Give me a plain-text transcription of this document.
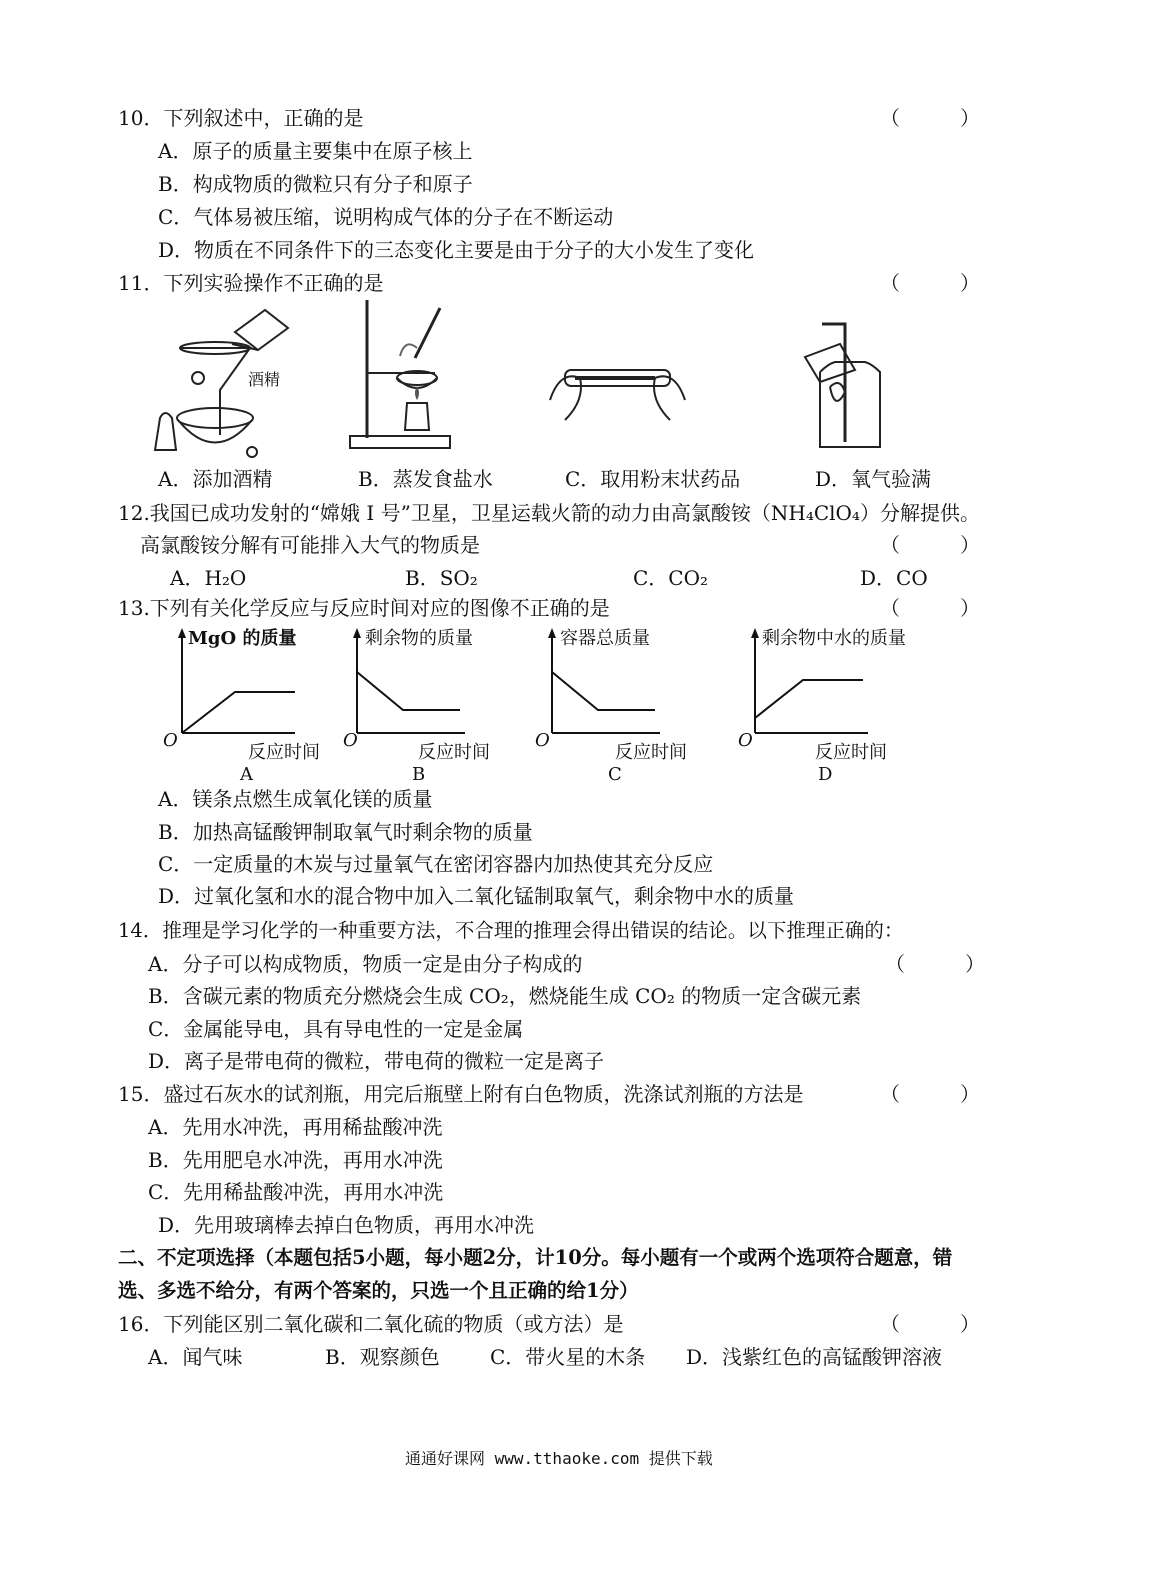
10．下列叙述中，正确的是	（　　　）
A．原子的质量主要集中在原子核上
B．构成物质的微粒只有分子和原子
C．气体易被压缩，说明构成气体的分子在不断运动
D．物质在不同条件下的三态变化主要是由于分子的大小发生了变化
11．下列实验操作不正确的是	（　　　）
酒精
A．添加酒精	B．蒸发食盐水	C．取用粉末状药品	D．氧气验满
12.我国已成功发射的“嫦娥 I 号”卫星，卫星运载火箭的动力由高氯酸铵（NH₄ClO₄）分解提供。
高氯酸铵分解有可能排入大气的物质是	（　　　）
A．H₂O	B．SO₂	C．CO₂	D．CO
13.下列有关化学反应与反应时间对应的图像不正确的是	（　　　）
MgO 的质量
O
反应时间
A
剩余物的质量
O
反应时间
B
容器总质量
O
反应时间
C
剩余物中水的质量
O
反应时间
D
A．镁条点燃生成氧化镁的质量
B．加热高锰酸钾制取氧气时剩余物的质量
C．一定质量的木炭与过量氧气在密闭容器内加热使其充分反应
D．过氧化氢和水的混合物中加入二氧化锰制取氧气，剩余物中水的质量
14．推理是学习化学的一种重要方法，不合理的推理会得出错误的结论。以下推理正确的：
A．分子可以构成物质，物质一定是由分子构成的	（　　　）
B．含碳元素的物质充分燃烧会生成 CO₂，燃烧能生成 CO₂ 的物质一定含碳元素
C．金属能导电，具有导电性的一定是金属
D．离子是带电荷的微粒，带电荷的微粒一定是离子
15．盛过石灰水的试剂瓶，用完后瓶壁上附有白色物质，洗涤试剂瓶的方法是	（　　　）
A．先用水冲洗，再用稀盐酸冲洗
B．先用肥皂水冲洗，再用水冲洗
C．先用稀盐酸冲洗，再用水冲洗
D．先用玻璃棒去掉白色物质，再用水冲洗
二、不定项选择（本题包括5小题，每小题2分，计10分。每小题有一个或两个选项符合题意，错
选、多选不给分，有两个答案的，只选一个且正确的给1分）
16．下列能区别二氧化碳和二氧化硫的物质（或方法）是	（　　　）
A．闻气味	B．观察颜色	C．带火星的木条 D．浅紫红色的高锰酸钾溶液
通通好课网 www.tthaoke.com 提供下载
